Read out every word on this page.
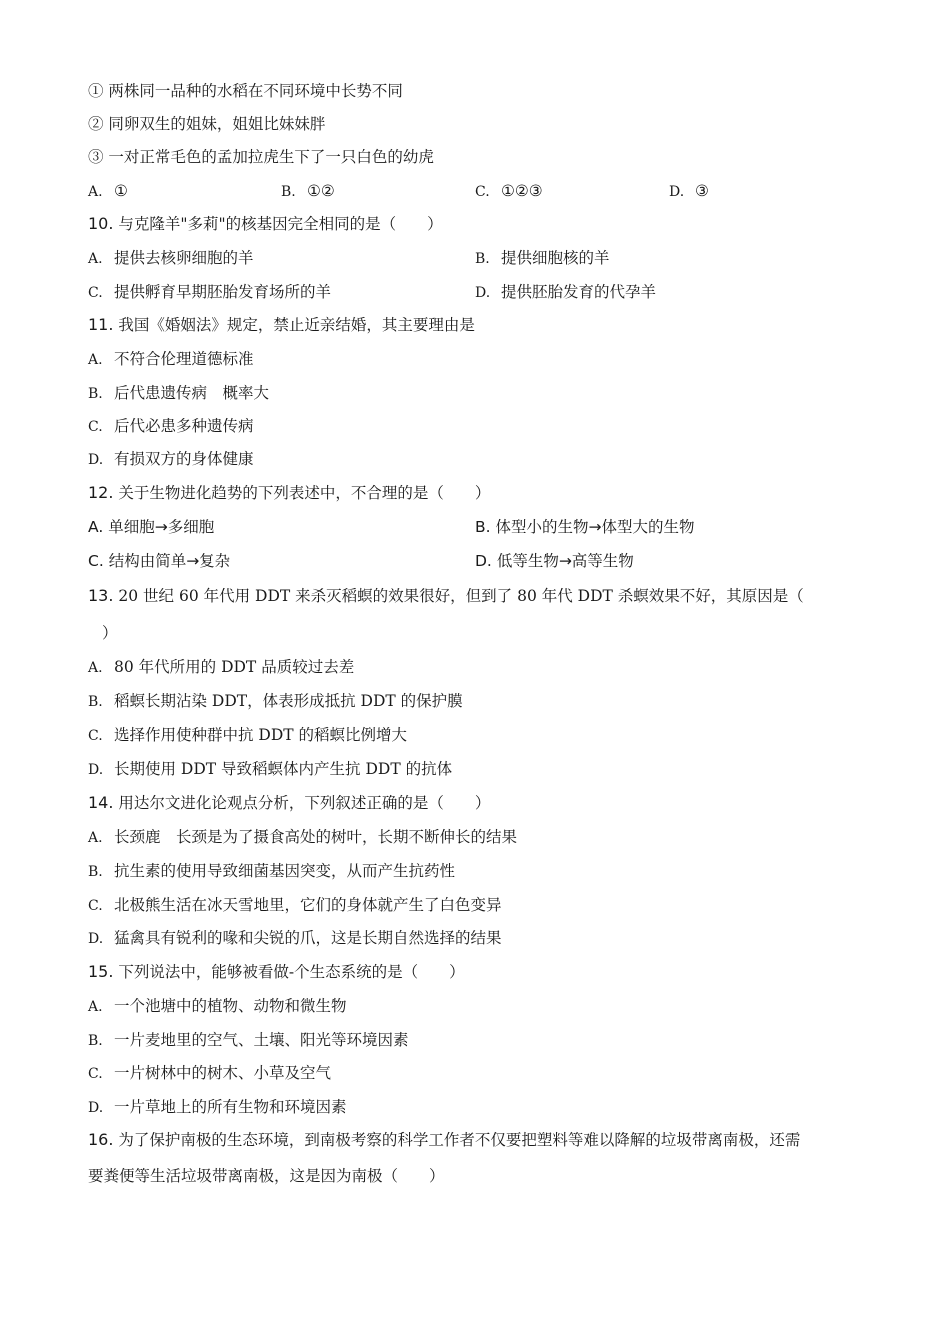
① 两株同一品种的水稻在不同环境中长势不同
② 同卵双生的姐妹，姐姐比妹妹胖
③ 一对正常毛色的孟加拉虎生下了一只白色的幼虎
A. ①	B. ①②	C. ①②③	D. ③
10. 与克隆羊"多莉"的核基因完全相同的是（　　）
A. 提供去核卵细胞的羊	B. 提供细胞核的羊
C. 提供孵育早期胚胎发育场所的羊	D. 提供胚胎发育的代孕羊
11. 我国《婚姻法》规定，禁止近亲结婚，其主要理由是
A. 不符合伦理道德标准
B. 后代患遗传病　概率大
C. 后代必患多种遗传病
D. 有损双方的身体健康
12. 关于生物进化趋势的下列表述中，不合理的是（　　）
A. 单细胞→多细胞	B. 体型小的生物→体型大的生物
C. 结构由简单→复杂	D. 低等生物→高等生物
13. 20 世纪 60 年代用 DDT 来杀灭稻螟的效果很好，但到了 80 年代 DDT 杀螟效果不好，其原因是（
）
A. 80 年代所用的 DDT 品质较过去差
B. 稻螟长期沾染 DDT，体表形成抵抗 DDT 的保护膜
C. 选择作用使种群中抗 DDT 的稻螟比例增大
D. 长期使用 DDT 导致稻螟体内产生抗 DDT 的抗体
14. 用达尔文进化论观点分析，下列叙述正确的是（　　）
A. 长颈鹿　长颈是为了摄食高处的树叶，长期不断伸长的结果
B. 抗生素的使用导致细菌基因突变，从而产生抗药性
C. 北极熊生活在冰天雪地里，它们的身体就产生了白色变异
D. 猛禽具有锐利的喙和尖锐的爪，这是长期自然选择的结果
15. 下列说法中，能够被看做-个生态系统的是（　　）
A. 一个池塘中的植物、动物和微生物
B. 一片麦地里的空气、土壤、阳光等环境因素
C. 一片树林中的树木、小草及空气
D. 一片草地上的所有生物和环境因素
16. 为了保护南极的生态环境，到南极考察的科学工作者不仅要把塑料等难以降解的垃圾带离南极，还需
要粪便等生活垃圾带离南极，这是因为南极（　　）
